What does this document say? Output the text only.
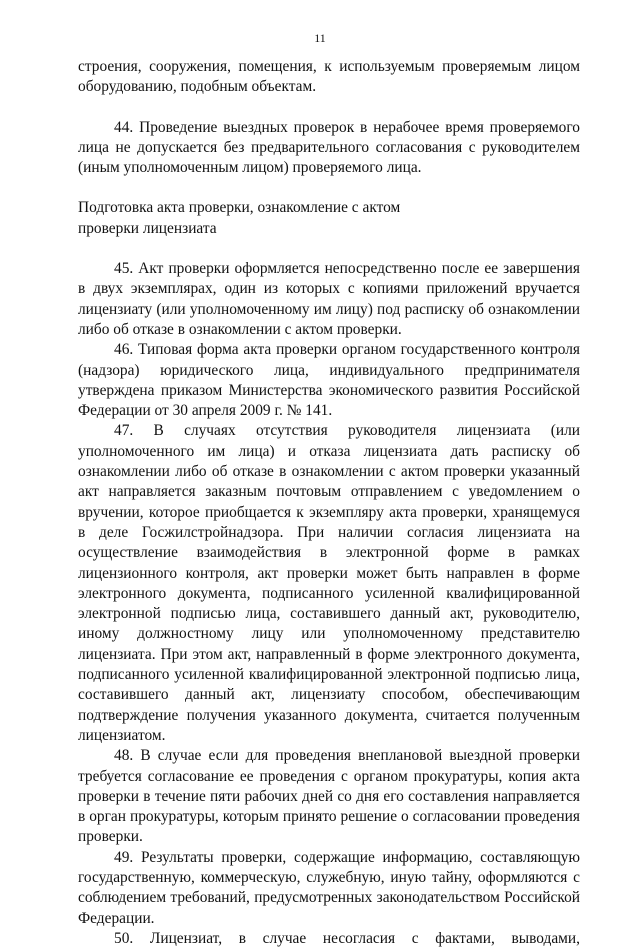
11

строения, сооружения, помещения, к используемым проверяемым лицом оборудованию, подобным объектам.

44. Проведение выездных проверок в нерабочее время проверяемого лица не допускается без предварительного согласования с руководителем (иным уполномоченным лицом) проверяемого лица.

Подготовка акта проверки, ознакомление с актом

проверки лицензиата

45. Акт проверки оформляется непосредственно после ее завершения в двух экземплярах, один из которых с копиями приложений вручается лицензиату (или уполномоченному им лицу) под расписку об ознакомлении либо об отказе в ознакомлении с актом проверки.

46. Типовая форма акта проверки органом государственного контроля (надзора) юридического лица, индивидуального предпринимателя утверждена приказом Министерства экономического развития Российской Федерации от 30 апреля 2009 г. № 141.

47. В случаях отсутствия руководителя лицензиата (или уполномоченного им лица) и отказа лицензиата дать расписку об ознакомлении либо об отказе в ознакомлении с актом проверки указанный акт направляется заказным почтовым отправлением с уведомлением о вручении, которое приобщается к экземпляру акта проверки, хранящемуся в деле Госжилстройнадзора. При наличии согласия лицензиата на осуществление взаимодействия в электронной форме в рамках лицензионного контроля, акт проверки может быть направлен в форме электронного документа, подписанного усиленной квалифицированной электронной подписью лица, составившего данный акт, руководителю, иному должностному лицу или уполномоченному представителю лицензиата. При этом акт, направленный в форме электронного документа, подписанного усиленной квалифицированной электронной подписью лица, составившего данный акт, лицензиату способом, обеспечивающим подтверждение получения указанного документа, считается полученным лицензиатом.

48. В случае если для проведения внеплановой выездной проверки требуется согласование ее проведения с органом прокуратуры, копия акта проверки в течение пяти рабочих дней со дня его составления направляется в орган прокуратуры, которым принято решение о согласовании проведения проверки.

49. Результаты проверки, содержащие информацию, составляющую государственную, коммерческую, служебную, иную тайну, оформляются с соблюдением требований, предусмотренных законодательством Российской Федерации.

50. Лицензиат, в случае несогласия с фактами, выводами,
